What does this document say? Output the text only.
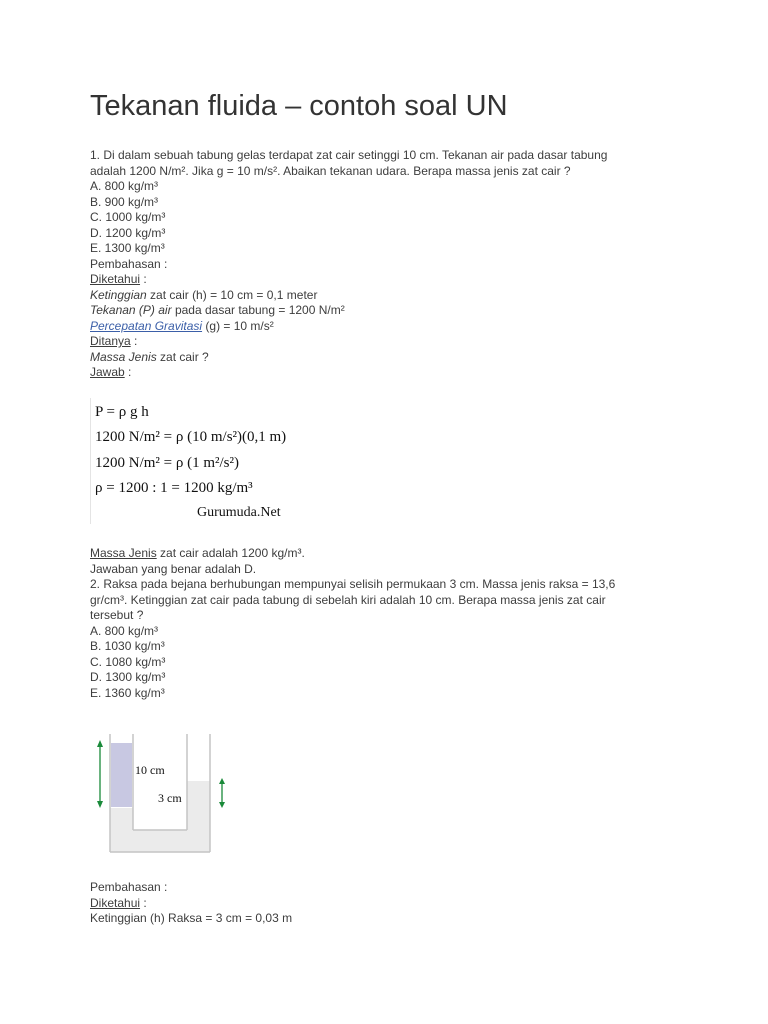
Tekanan fluida – contoh soal UN
1. Di dalam sebuah tabung gelas terdapat zat cair setinggi 10 cm. Tekanan air pada dasar tabung
adalah 1200 N/m². Jika g = 10 m/s². Abaikan tekanan udara. Berapa massa jenis zat cair ?
A. 800 kg/m³
B. 900 kg/m³
C. 1000 kg/m³
D. 1200 kg/m³
E. 1300 kg/m³
Pembahasan :
Diketahui :
Ketinggian zat cair (h) = 10 cm = 0,1 meter
Tekanan (P) air pada dasar tabung = 1200 N/m²
Percepatan Gravitasi (g) = 10 m/s²
Ditanya :
Massa Jenis zat cair ?
Jawab :
P = ρ g h
1200 N/m² = ρ (10 m/s²)(0,1 m)
1200 N/m² = ρ (1 m²/s²)
ρ = 1200 : 1 = 1200 kg/m³
Gurumuda.Net
Massa Jenis zat cair adalah 1200 kg/m³.
Jawaban yang benar adalah D.
2. Raksa pada bejana berhubungan mempunyai selisih permukaan 3 cm. Massa jenis raksa = 13,6
gr/cm³. Ketinggian zat cair pada tabung di sebelah kiri adalah 10 cm. Berapa massa jenis zat cair
tersebut ?
A. 800 kg/m³
B. 1030 kg/m³
C. 1080 kg/m³
D. 1300 kg/m³
E. 1360 kg/m³
10 cm
3 cm
Pembahasan :
Diketahui :
Ketinggian (h) Raksa = 3 cm = 0,03 m
